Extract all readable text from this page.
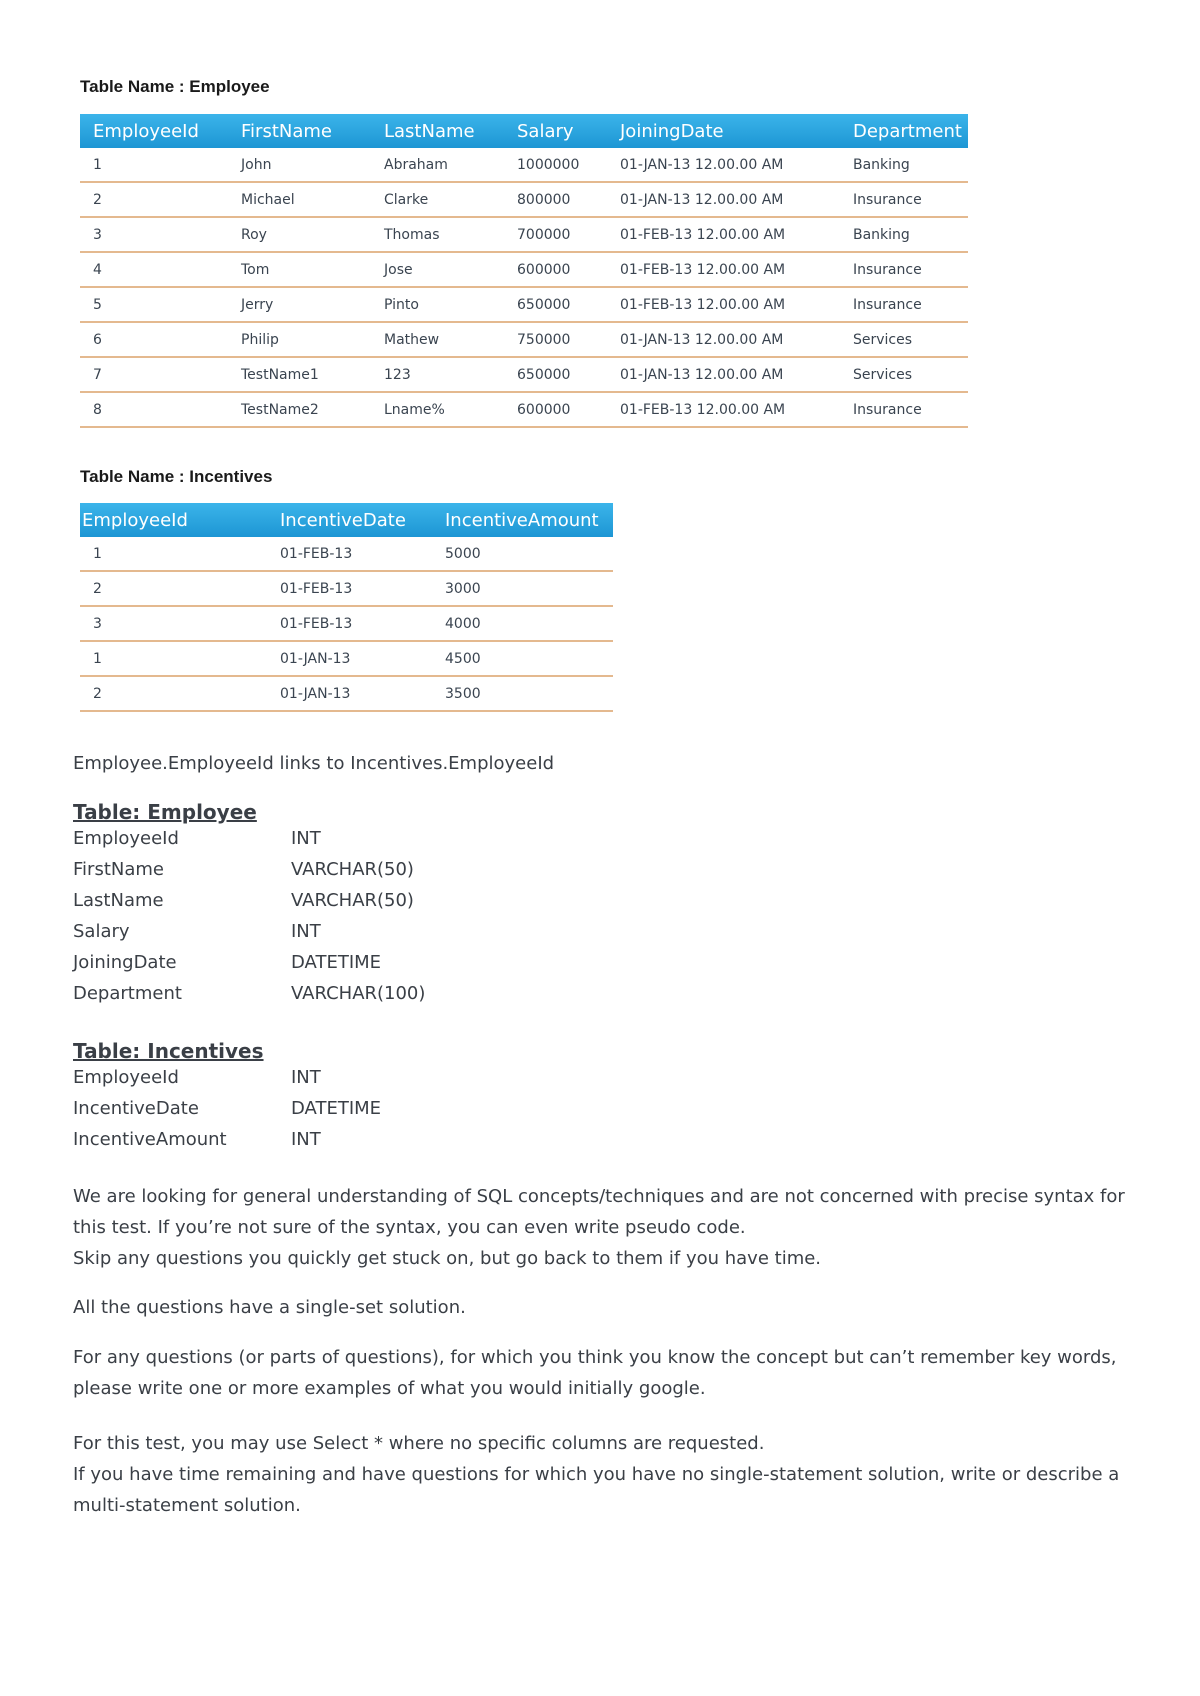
Table Name : Employee
EmployeeId	FirstName	LastName	Salary	JoiningDate	Department
1	John	Abraham	1000000	01-JAN-13 12.00.00 AM	Banking
2	Michael	Clarke	800000	01-JAN-13 12.00.00 AM	Insurance
3	Roy	Thomas	700000	01-FEB-13 12.00.00 AM	Banking
4	Tom	Jose	600000	01-FEB-13 12.00.00 AM	Insurance
5	Jerry	Pinto	650000	01-FEB-13 12.00.00 AM	Insurance
6	Philip	Mathew	750000	01-JAN-13 12.00.00 AM	Services
7	TestName1	123	650000	01-JAN-13 12.00.00 AM	Services
8	TestName2	Lname%	600000	01-FEB-13 12.00.00 AM	Insurance
Table Name : Incentives
EmployeeId	IncentiveDate	IncentiveAmount
1	01-FEB-13	5000
2	01-FEB-13	3000
3	01-FEB-13	4000
1	01-JAN-13	4500
2	01-JAN-13	3500
Employee.EmployeeId links to Incentives.EmployeeId
Table: Employee
EmployeeId	INT
FirstName	VARCHAR(50)
LastName	VARCHAR(50)
Salary	INT
JoiningDate	DATETIME
Department	VARCHAR(100)
Table: Incentives
EmployeeId	INT
IncentiveDate	DATETIME
IncentiveAmount	INT

We are looking for general understanding of SQL concepts/techniques and are not concerned with precise syntax for this test. If you’re not sure of the syntax, you can even write pseudo code.

Skip any questions you quickly get stuck on, but go back to them if you have time.

All the questions have a single-set solution.

For any questions (or parts of questions), for which you think you know the concept but can’t remember key words, please write one or more examples of what you would initially google.

For this test, you may use Select * where no specific columns are requested.

If you have time remaining and have questions for which you have no single-statement solution, write or describe a multi-statement solution.
